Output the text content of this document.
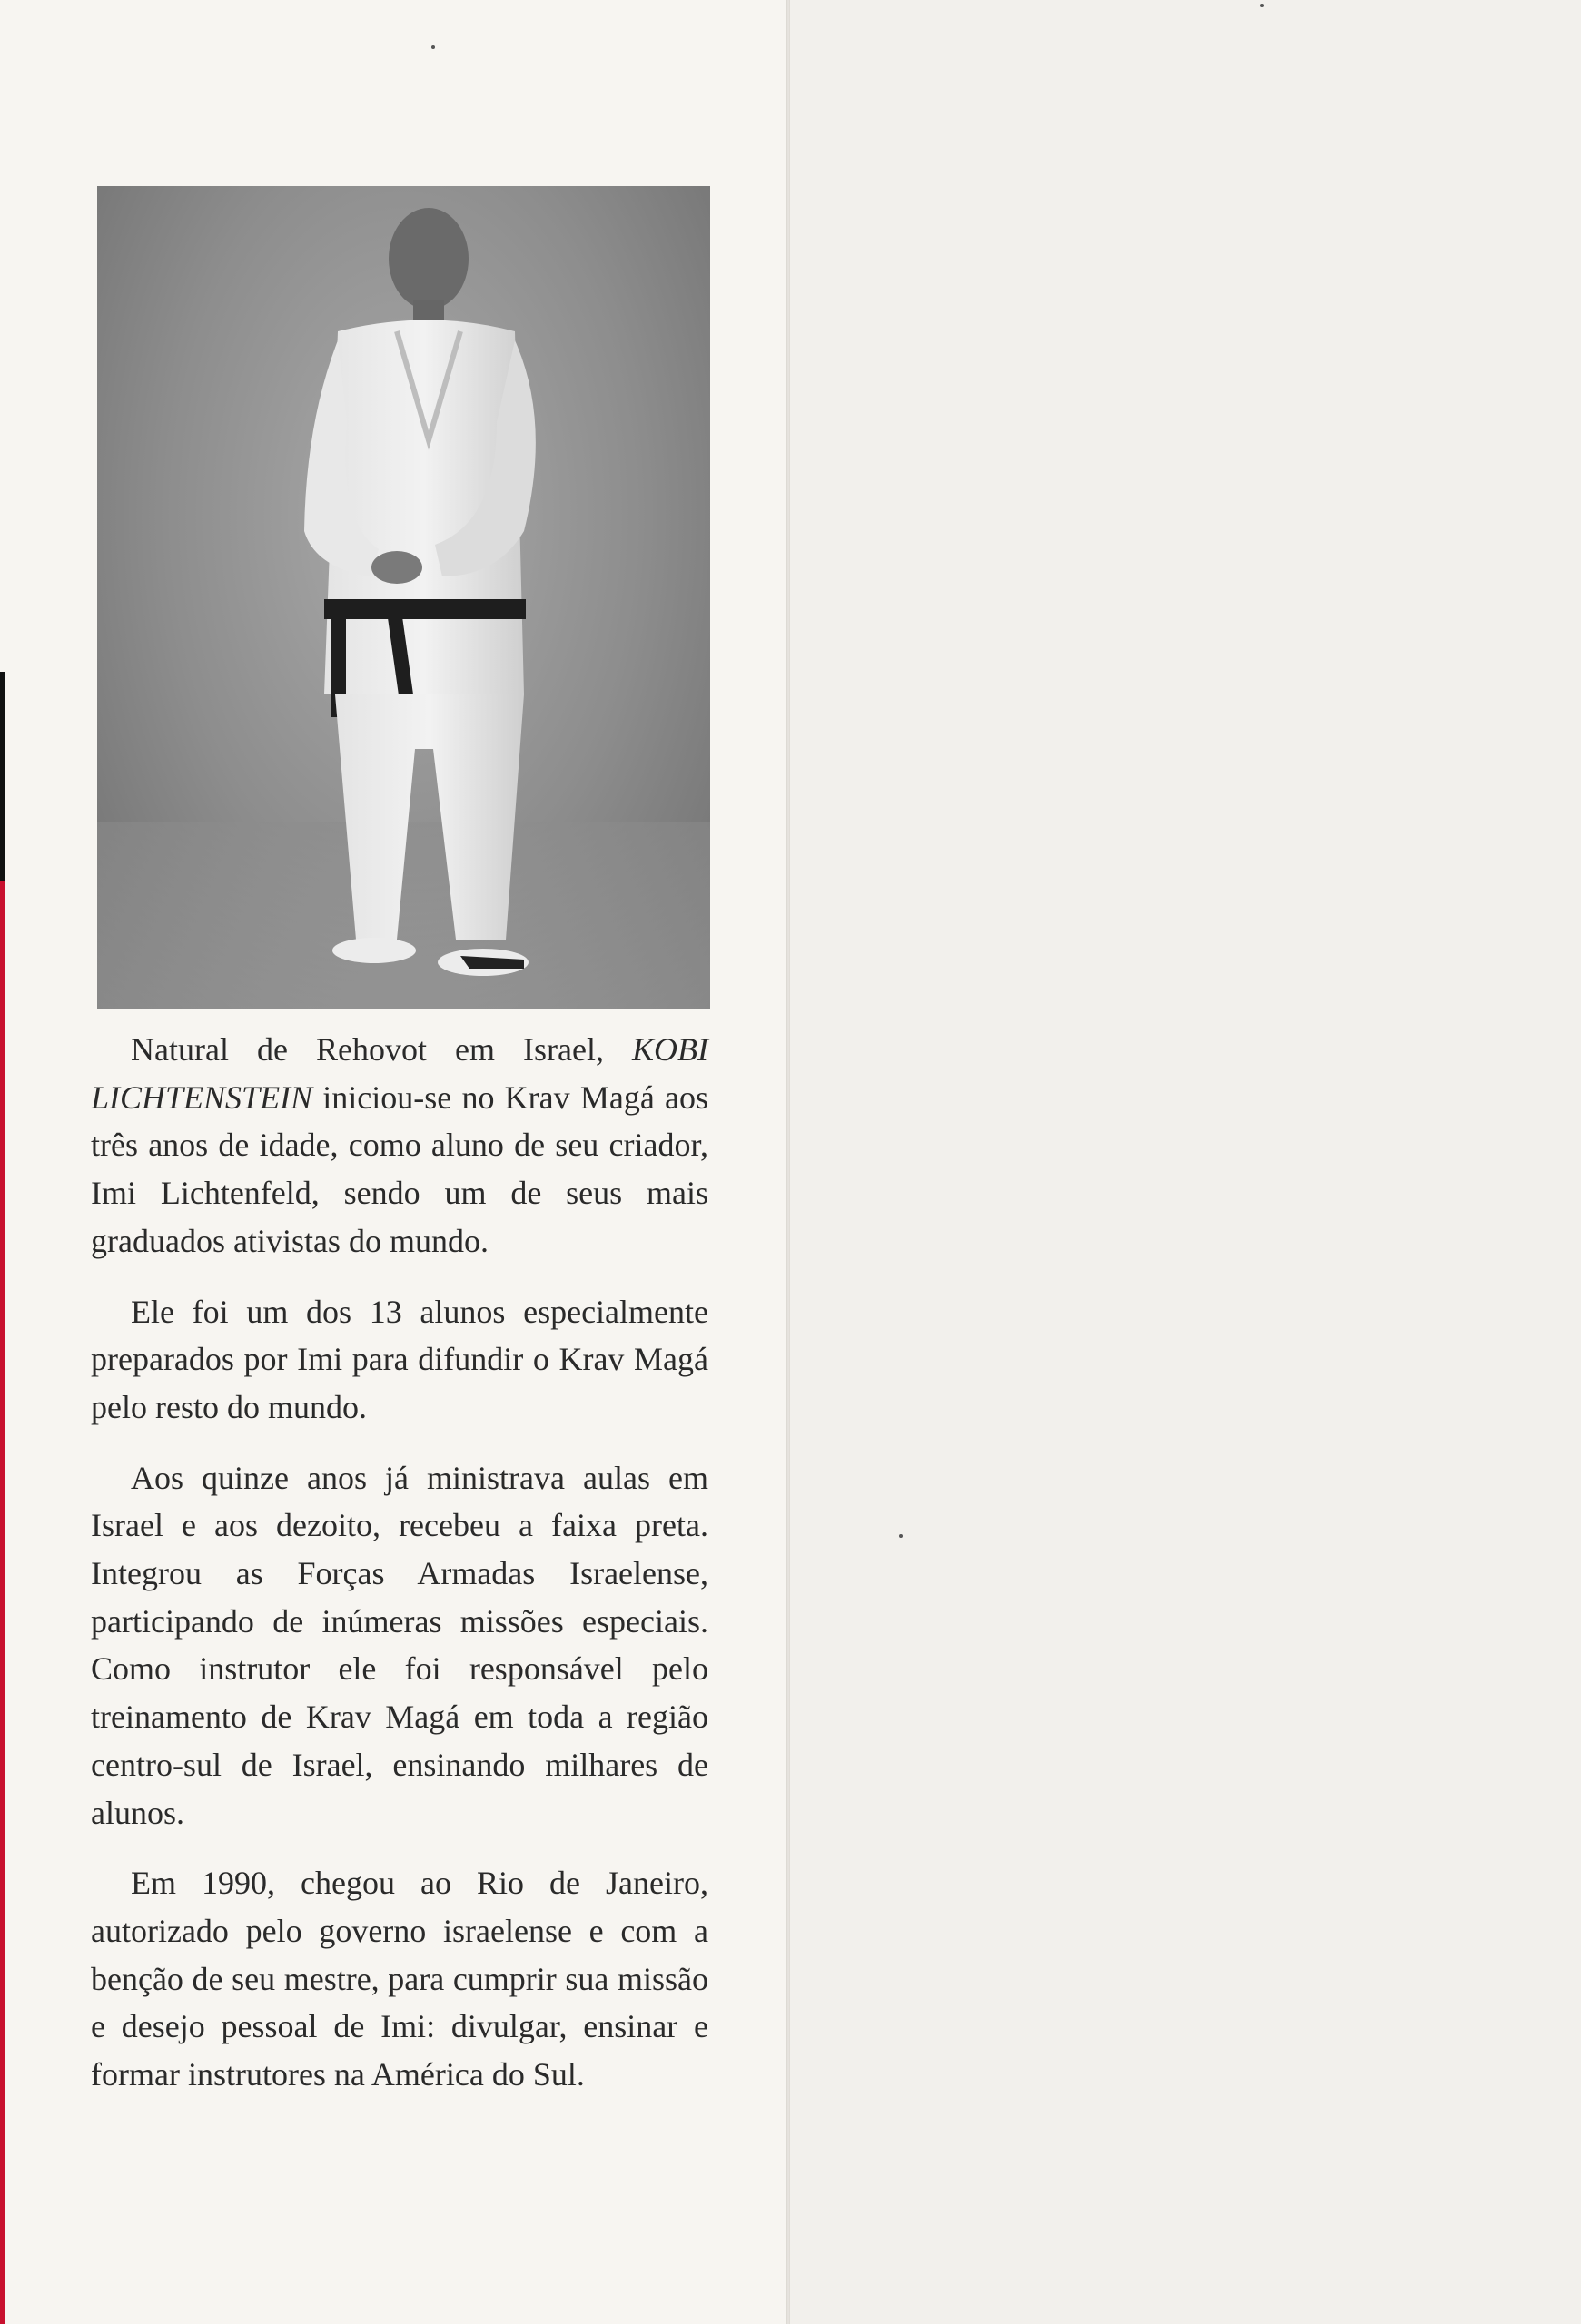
Natural de Rehovot em Israel, KOBI LICHTENSTEIN iniciou-se no Krav Magá aos três anos de idade, como aluno de seu criador, Imi Lichtenfeld, sendo um de seus mais graduados ativistas do mundo.

Ele foi um dos 13 alunos especialmente preparados por Imi para difundir o Krav Magá pelo resto do mundo.

Aos quinze anos já ministrava aulas em Israel e aos dezoito, recebeu a faixa preta. Integrou as Forças Armadas Israelense, participando de inúmeras missões especiais. Como instrutor ele foi responsável pelo treinamento de Krav Magá em toda a região centro-sul de Israel, ensinando milhares de alunos.

Em 1990, chegou ao Rio de Janeiro, autorizado pelo governo israelense e com a benção de seu mestre, para cumprir sua missão e desejo pessoal de Imi: divulgar, ensinar e formar instrutores na América do Sul.
